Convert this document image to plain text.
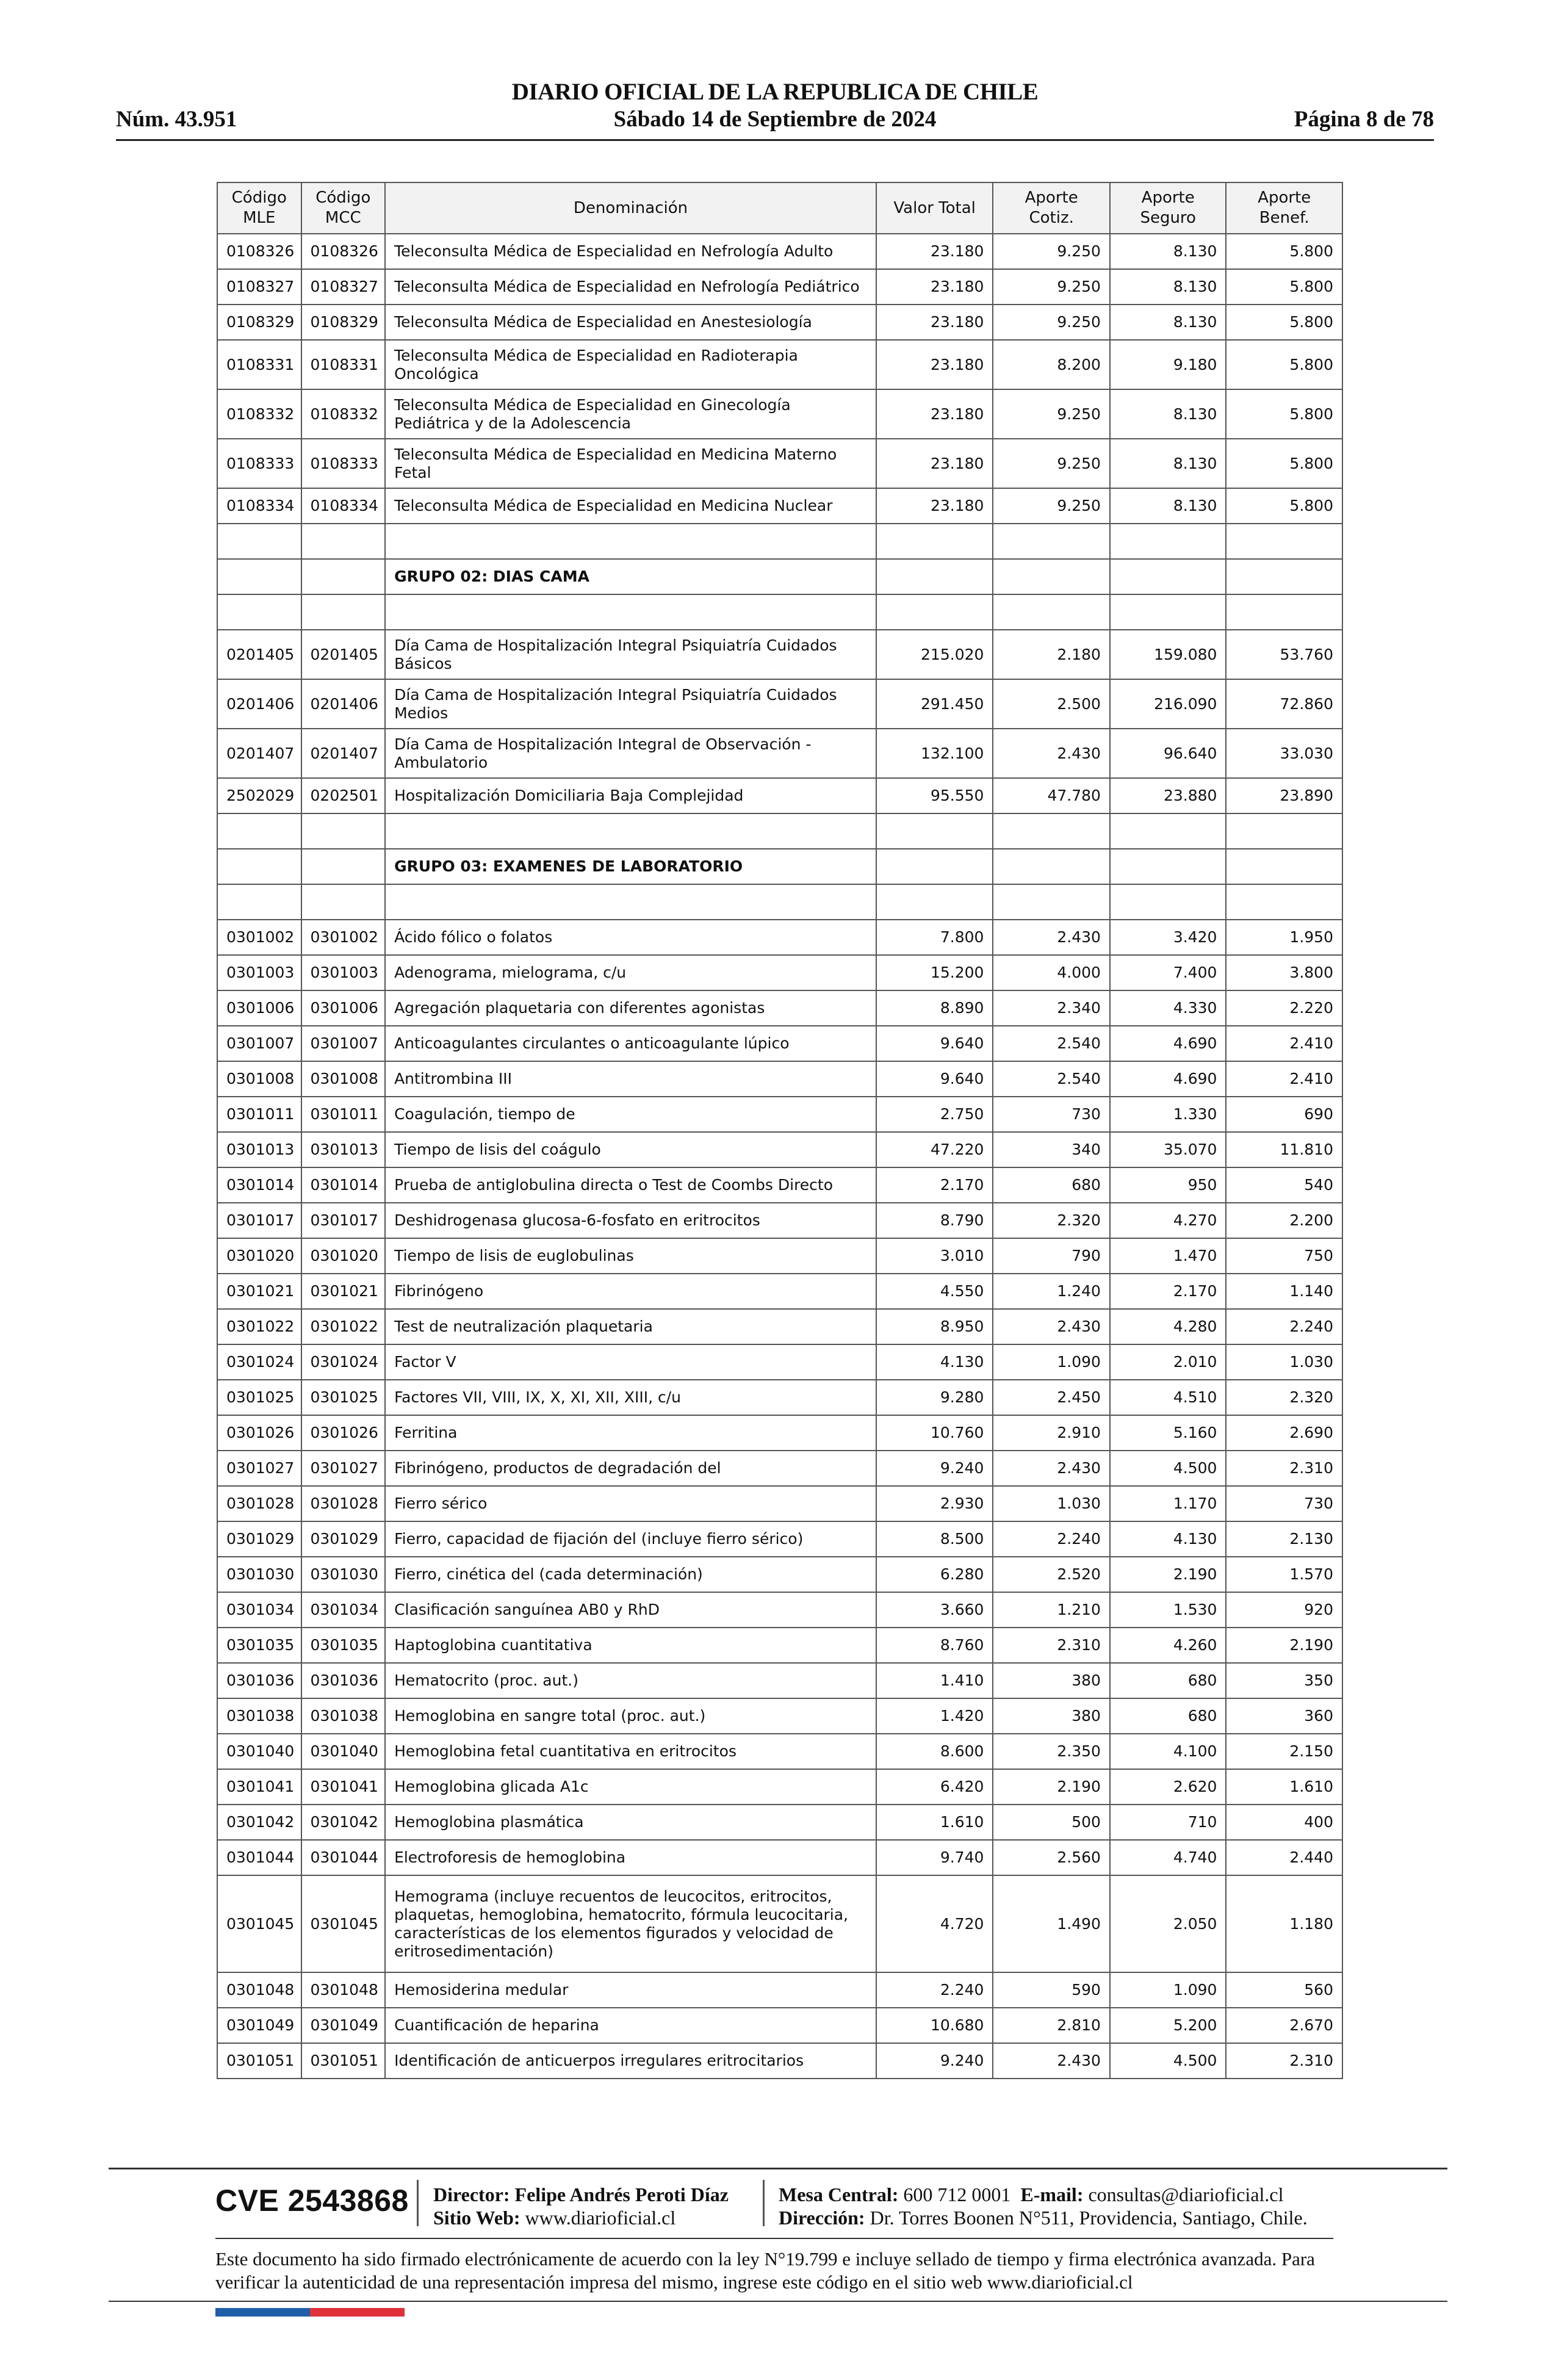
DIARIO OFICIAL DE LA REPUBLICA DE CHILE
Núm. 43.951	Sábado 14 de Septiembre de 2024	Página 8 de 78
Código MLE	Código MCC	Denominación	Valor Total	Aporte Cotiz.	Aporte Seguro	Aporte Benef.
0108326	0108326	Teleconsulta Médica de Especialidad en Nefrología Adulto	23.180	9.250	8.130	5.800
0108327	0108327	Teleconsulta Médica de Especialidad en Nefrología Pediátrico	23.180	9.250	8.130	5.800
0108329	0108329	Teleconsulta Médica de Especialidad en Anestesiología	23.180	9.250	8.130	5.800
0108331	0108331	Teleconsulta Médica de Especialidad en Radioterapia Oncológica	23.180	8.200	9.180	5.800
0108332	0108332	Teleconsulta Médica de Especialidad en Ginecología Pediátrica y de la Adolescencia	23.180	9.250	8.130	5.800
0108333	0108333	Teleconsulta Médica de Especialidad en Medicina Materno Fetal	23.180	9.250	8.130	5.800
0108334	0108334	Teleconsulta Médica de Especialidad en Medicina Nuclear	23.180	9.250	8.130	5.800

		GRUPO 02: DIAS CAMA				

0201405	0201405	Día Cama de Hospitalización Integral Psiquiatría Cuidados Básicos	215.020	2.180	159.080	53.760
0201406	0201406	Día Cama de Hospitalización Integral Psiquiatría Cuidados Medios	291.450	2.500	216.090	72.860
0201407	0201407	Día Cama de Hospitalización Integral de Observación - Ambulatorio	132.100	2.430	96.640	33.030
2502029	0202501	Hospitalización Domiciliaria Baja Complejidad	95.550	47.780	23.880	23.890

		GRUPO 03: EXAMENES DE LABORATORIO				

0301002	0301002	Ácido fólico o folatos	7.800	2.430	3.420	1.950
0301003	0301003	Adenograma, mielograma, c/u	15.200	4.000	7.400	3.800
0301006	0301006	Agregación plaquetaria con diferentes agonistas	8.890	2.340	4.330	2.220
0301007	0301007	Anticoagulantes circulantes o anticoagulante lúpico	9.640	2.540	4.690	2.410
0301008	0301008	Antitrombina III	9.640	2.540	4.690	2.410
0301011	0301011	Coagulación, tiempo de	2.750	730	1.330	690
0301013	0301013	Tiempo de lisis del coágulo	47.220	340	35.070	11.810
0301014	0301014	Prueba de antiglobulina directa o Test de Coombs Directo	2.170	680	950	540
0301017	0301017	Deshidrogenasa glucosa-6-fosfato en eritrocitos	8.790	2.320	4.270	2.200
0301020	0301020	Tiempo de lisis de euglobulinas	3.010	790	1.470	750
0301021	0301021	Fibrinógeno	4.550	1.240	2.170	1.140
0301022	0301022	Test de neutralización plaquetaria	8.950	2.430	4.280	2.240
0301024	0301024	Factor V	4.130	1.090	2.010	1.030
0301025	0301025	Factores VII, VIII, IX, X, XI, XII, XIII, c/u	9.280	2.450	4.510	2.320
0301026	0301026	Ferritina	10.760	2.910	5.160	2.690
0301027	0301027	Fibrinógeno, productos de degradación del	9.240	2.430	4.500	2.310
0301028	0301028	Fierro sérico	2.930	1.030	1.170	730
0301029	0301029	Fierro, capacidad de fijación del (incluye fierro sérico)	8.500	2.240	4.130	2.130
0301030	0301030	Fierro, cinética del (cada determinación)	6.280	2.520	2.190	1.570
0301034	0301034	Clasificación sanguínea AB0 y RhD	3.660	1.210	1.530	920
0301035	0301035	Haptoglobina cuantitativa	8.760	2.310	4.260	2.190
0301036	0301036	Hematocrito (proc. aut.)	1.410	380	680	350
0301038	0301038	Hemoglobina en sangre total (proc. aut.)	1.420	380	680	360
0301040	0301040	Hemoglobina fetal cuantitativa en eritrocitos	8.600	2.350	4.100	2.150
0301041	0301041	Hemoglobina glicada A1c	6.420	2.190	2.620	1.610
0301042	0301042	Hemoglobina plasmática	1.610	500	710	400
0301044	0301044	Electroforesis de hemoglobina	9.740	2.560	4.740	2.440
0301045	0301045	Hemograma (incluye recuentos de leucocitos, eritrocitos, plaquetas, hemoglobina, hematocrito, fórmula leucocitaria, características de los elementos figurados y velocidad de eritrosedimentación)	4.720	1.490	2.050	1.180
0301048	0301048	Hemosiderina medular	2.240	590	1.090	560
0301049	0301049	Cuantificación de heparina	10.680	2.810	5.200	2.670
0301051	0301051	Identificación de anticuerpos irregulares eritrocitarios	9.240	2.430	4.500	2.310
CVE 2543868 Director: Felipe Andrés Peroti Díaz
Sitio Web: www.diarioficial.cl
Mesa Central: 600 712 0001 E-mail: consultas@diarioficial.cl
Dirección: Dr. Torres Boonen N°511, Providencia, Santiago, Chile.
Este documento ha sido firmado electrónicamente de acuerdo con la ley N°19.799 e incluye sellado de tiempo y firma electrónica avanzada. Para verificar la autenticidad de una representación impresa del mismo, ingrese este código en el sitio web www.diarioficial.cl
